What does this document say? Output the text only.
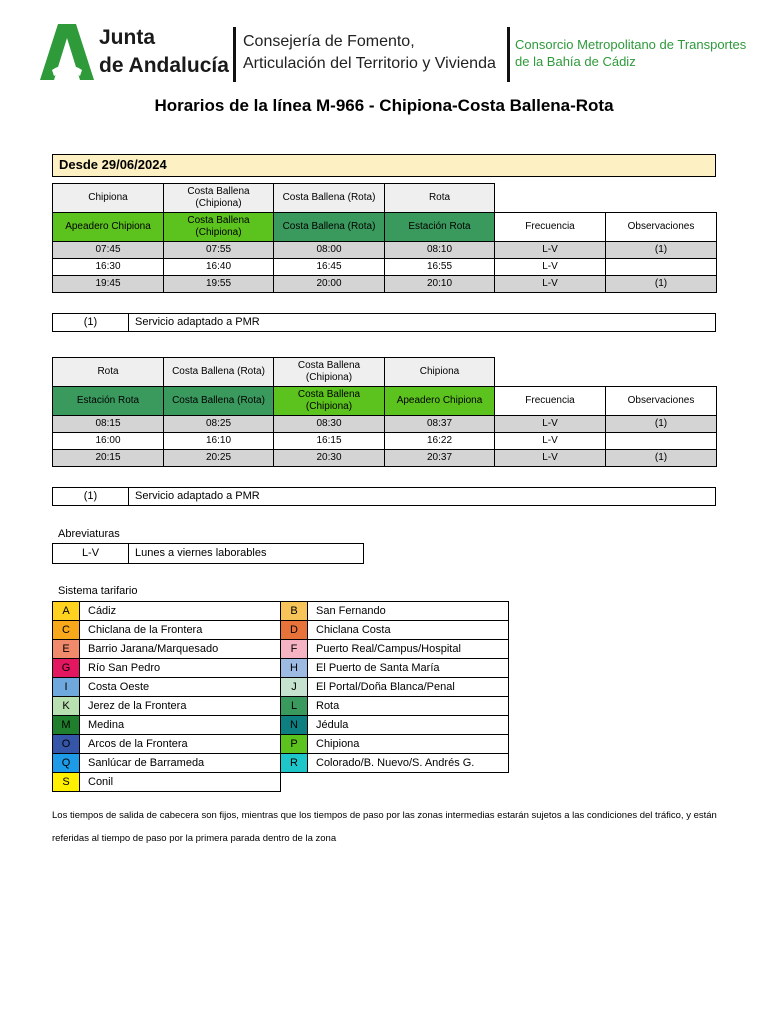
Junta
de Andalucía
Consejería de Fomento,
Articulación del Territorio y Vivienda
Consorcio Metropolitano de Transportes
de la Bahía de Cádiz
Horarios de la línea M-966 - Chipiona-Costa Ballena-Rota
Desde 29/06/2024
Chipiona	Costa Ballena (Chipiona)	Costa Ballena (Rota)	Rota		
Apeadero Chipiona	Costa Ballena (Chipiona)	Costa Ballena (Rota)	Estación Rota	Frecuencia	Observaciones
07:45	07:55	08:00	08:10	L-V	(1)
16:30	16:40	16:45	16:55	L-V	
19:45	19:55	20:00	20:10	L-V	(1)
(1)	Servicio adaptado a PMR
Rota	Costa Ballena (Rota)	Costa Ballena (Chipiona)	Chipiona		
Estación Rota	Costa Ballena (Rota)	Costa Ballena (Chipiona)	Apeadero Chipiona	Frecuencia	Observaciones
08:15	08:25	08:30	08:37	L-V	(1)
16:00	16:10	16:15	16:22	L-V	
20:15	20:25	20:30	20:37	L-V	(1)
(1)	Servicio adaptado a PMR
Abreviaturas
L-V	Lunes a viernes laborables
Sistema tarifario
A	Cádiz	B	San Fernando
C	Chiclana de la Frontera	D	Chiclana Costa
E	Barrio Jarana/Marquesado	F	Puerto Real/Campus/Hospital
G	Río San Pedro	H	El Puerto de Santa María
I	Costa Oeste	J	El Portal/Doña Blanca/Penal
K	Jerez de la Frontera	L	Rota
M	Medina	N	Jédula
O	Arcos de la Frontera	P	Chipiona
Q	Sanlúcar de Barrameda	R	Colorado/B. Nuevo/S. Andrés G.
S	Conil		
Los tiempos de salida de cabecera son fijos, mientras que los tiempos de paso por las zonas intermedias estarán sujetos a las condiciones del tráfico, y están referidas al tiempo de paso por la primera parada dentro de la zona
